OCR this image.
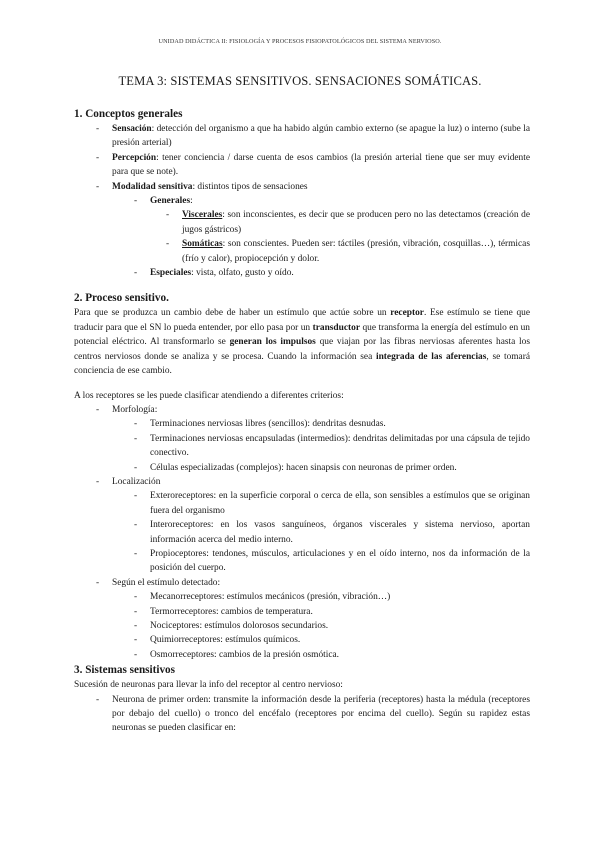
UNIDAD DIDÁCTICA II: FISIOLOGÍA Y PROCESOS FISIOPATOLÓGICOS DEL SISTEMA NERVIOSO.
TEMA 3: SISTEMAS SENSITIVOS. SENSACIONES SOMÁTICAS.
1. Conceptos generales
- Sensación: detección del organismo a que ha habido algún cambio externo (se apague la luz) o interno (sube la presión arterial)
- Percepción: tener conciencia / darse cuenta de esos cambios (la presión arterial tiene que ser muy evidente para que se note).
- Modalidad sensitiva: distintos tipos de sensaciones
- Generales:
- Viscerales: son inconscientes, es decir que se producen pero no las detectamos (creación de jugos gástricos)
- Somáticas: son conscientes. Pueden ser: táctiles (presión, vibración, cosquillas…), térmicas (frío y calor), propiocepción y dolor.
- Especiales: vista, olfato, gusto y oído.
2. Proceso sensitivo.

Para que se produzca un cambio debe de haber un estímulo que actúe sobre un receptor. Ese estímulo se tiene que traducir para que el SN lo pueda entender, por ello pasa por un transductor que transforma la energía del estímulo en un potencial eléctrico. Al transformarlo se generan los impulsos que viajan por las fibras nerviosas aferentes hasta los centros nerviosos donde se analiza y se procesa. Cuando la información sea integrada de las aferencias, se tomará conciencia de ese cambio.

A los receptores se les puede clasificar atendiendo a diferentes criterios:

- Morfología:
- Terminaciones nerviosas libres (sencillos): dendritas desnudas.
- Terminaciones nerviosas encapsuladas (intermedios): dendritas delimitadas por una cápsula de tejido conectivo.
- Células especializadas (complejos): hacen sinapsis con neuronas de primer orden.
- Localización
- Exteroreceptores: en la superficie corporal o cerca de ella, son sensibles a estímulos que se originan fuera del organismo
- Interoreceptores: en los vasos sanguíneos, órganos viscerales y sistema nervioso, aportan información acerca del medio interno.
- Propioceptores: tendones, músculos, articulaciones y en el oído interno, nos da información de la posición del cuerpo.
- Según el estímulo detectado:
- Mecanorreceptores: estímulos mecánicos (presión, vibración…)
- Termorreceptores: cambios de temperatura.
- Nociceptores: estímulos dolorosos secundarios.
- Quimiorreceptores: estímulos químicos.
- Osmorreceptores: cambios de la presión osmótica.
3. Sistemas sensitivos

Sucesión de neuronas para llevar la info del receptor al centro nervioso:

- Neurona de primer orden: transmite la información desde la periferia (receptores) hasta la médula (receptores por debajo del cuello) o tronco del encéfalo (receptores por encima del cuello). Según su rapidez estas neuronas se pueden clasificar en:
